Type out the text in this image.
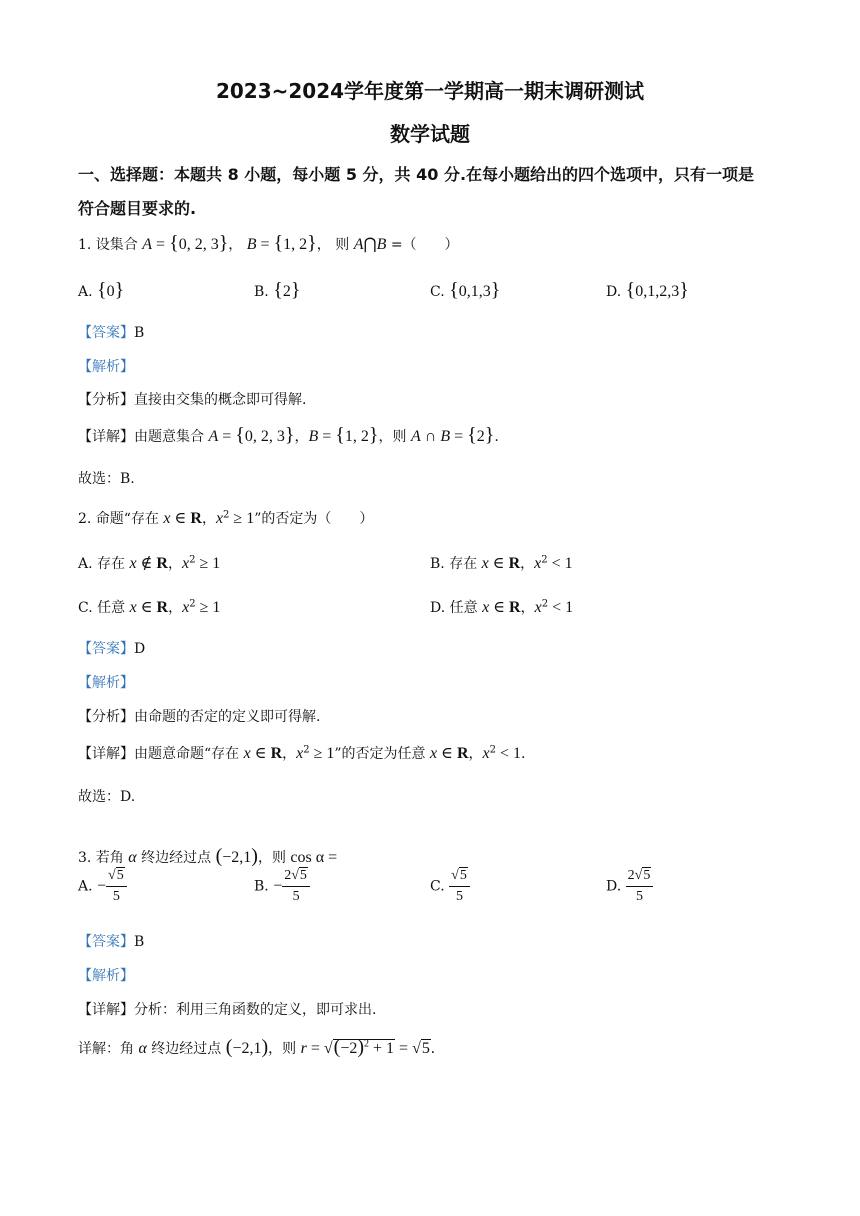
2023~2024学年度第一学期高一期末调研测试
数学试题
一、选择题：本题共 8 小题，每小题 5 分，共 40 分.在每小题给出的四个选项中，只有一项是
符合题目要求的.
1. 设集合 A = {0, 2, 3}， B = {1, 2}， 则 A⋂B =（　　）
A. {0}	B. {2}	C. {0,1,3}	D. {0,1,2,3}
【答案】B
【解析】
【分析】直接由交集的概念即可得解.
【详解】由题意集合 A = {0, 2, 3}，B = {1, 2}，则 A ∩ B = {2}.
故选：B.
2. 命题“存在 x ∈ R，$x^2 \ge 1$”的否定为（　　）
A. 存在 x ∉ R，$x^2 \ge 1$	B. 存在 x ∈ R，$x^2 < 1$
C. 任意 x ∈ R，$x^2 \ge 1$	D. 任意 x ∈ R，$x^2 < 1$
【答案】D
【解析】
【分析】由命题的否定的定义即可得解.
【详解】由题意命题“存在 x ∈ R，$x^2 \ge 1$”的否定为任意 x ∈ R，$x^2 < 1$.
故选：D.
3. 若角 α 终边经过点 (−2,1)，则 cos α =
A. − $\frac{√5}{5}$	B. − $\frac{2√5}{5}$	C. $\frac{√5}{5}$	D. $\frac{2√5}{5}$
【答案】B
【解析】
【详解】分析：利用三角函数的定义，即可求出.
详解：角 α 终边经过点 (−2,1)，则 $r = √(-2)^2 + 1 = √5$.
